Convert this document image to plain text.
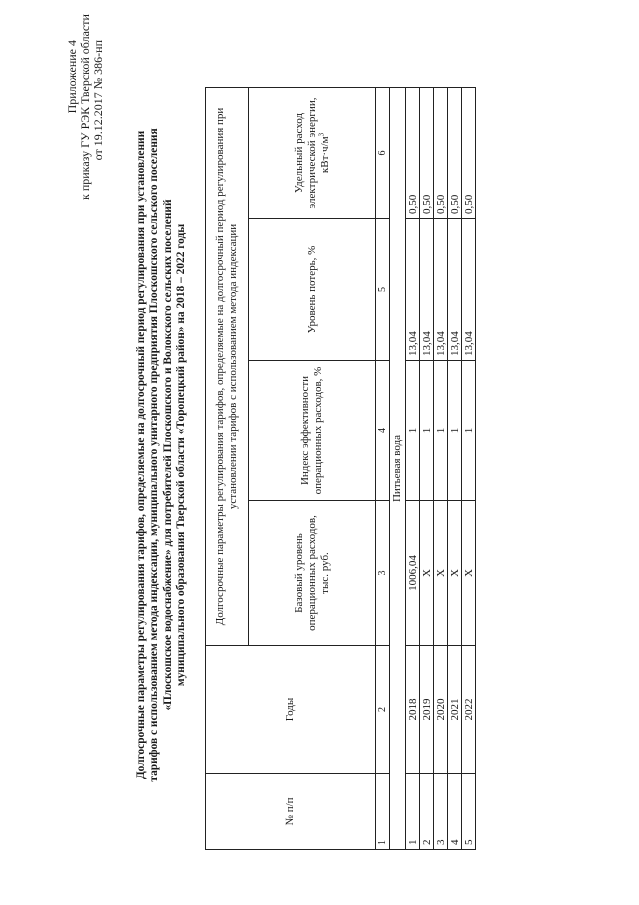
Приложение 4 к приказу ГУ РЭК Тверской области от 19.12.2017 № 386-нп
Долгосрочные параметры регулирования тарифов, определяемые на долгосрочный период регулирования при установлении тарифов с использованием метода индексации, муниципального унитарного предприятия Плоскошского сельского поселения «Плоскошское водоснабжение» для потребителей Плоскошского и Волокского сельских поселений муниципального образования Тверской области «Торопецкий район» на 2018 – 2022 годы
№ п/п	Годы	Долгосрочные параметры регулирования тарифов, определяемые на долгосрочный период регулирования при установлении тарифов с использованием метода индексации			
		Базовый уровень операционных расходов, тыс. руб.	Индекс эффективности операционных расходов, %	Уровень потерь, %	Удельный расход электрической энергии, $кВт\cdot ч/м^3$
1	2	3	4	5	6
Питьевая вода					
1	2018	1006,04	1	13,04	0,50
2	2019	Х	1	13,04	0,50
3	2020	Х	1	13,04	0,50
4	2021	Х	1	13,04	0,50
5	2022	Х	1	13,04	0,50
